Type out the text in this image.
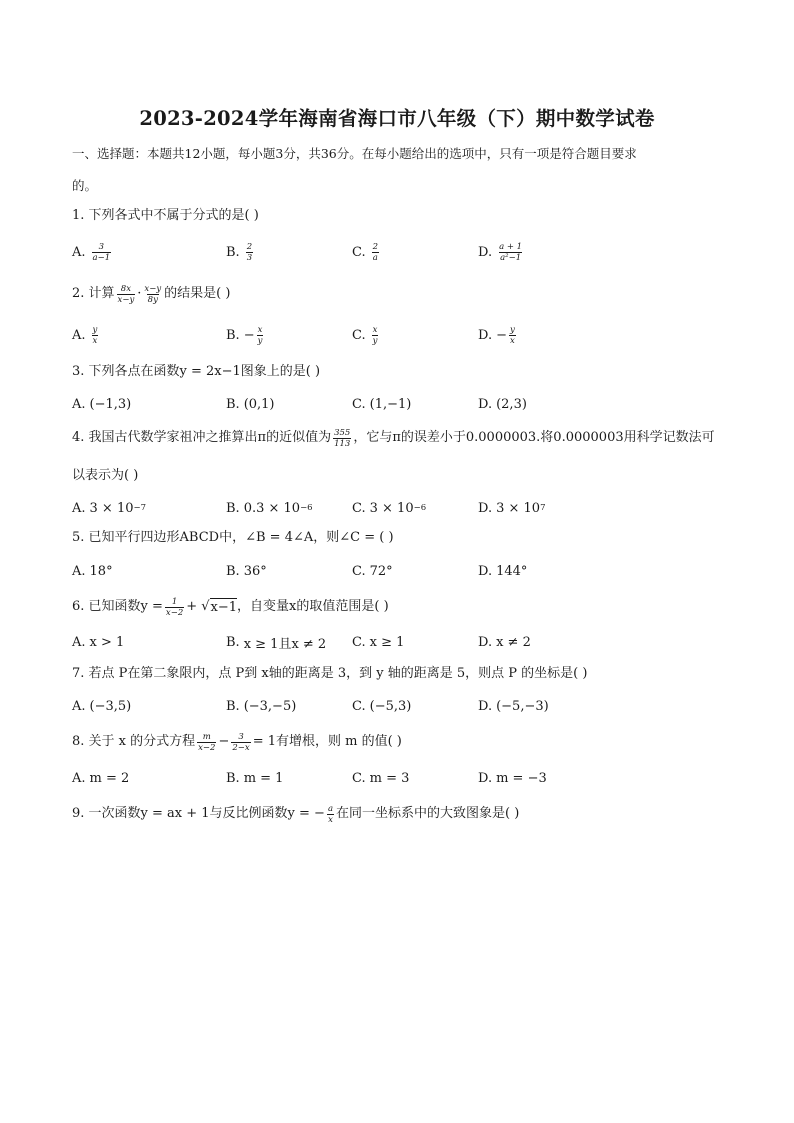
2023-2024学年海南省海口市八年级（下）期中数学试卷
一、选择题：本题共12小题，每小题3分，共36分。在每小题给出的选项中，只有一项是符合题目要求
的。
1. 下列各式中不属于分式的是( )
A. $\frac{3}{a-1}$	B. $\frac{2}{3}$	C. $\frac{2}{a}$	D. $\frac{a + 1}{\text{a²−1}}$
2. 计算 $\frac{8x}{x-y} \cdot \frac{x-y}{8y}$ 的结果是( )
A. $\frac{y}{x}$	B. − $\frac{x}{y}$	C. $\frac{x}{y}$	D. − $\frac{y}{x}$
3. 下列各点在函数y = 2x−1图象上的是( )
A. (−1,3)	B. (0,1)	C. (1,−1)	D. (2,3)
4. 我国古代数学家祖冲之推算出π的近似值为 $\frac{355}{113}$ ，它与π的误差小于0.0000003.将0.0000003用科学记数法可
以表示为( )
A. 3 × 10 −7	B. 0.3 × 10 −6	C. 3 × 10 −6	D. 3 × 10 7
5. 已知平行四边形ABCD中，∠B = 4∠A，则∠C = ( )
A. 18°	B. 36°	C. 72°	D. 144°
6. 已知函数$y = \frac{1}{x-2}$ + √ x−1 ，自变量x的取值范围是( )
A. x > 1	B. x ≥ 1且x ≠ 2 C. x ≥ 1	D. x ≠ 2
7. 若点 P在第二象限内，点 P到 x轴的距离是 3，到 y 轴的距离是 5，则点 P 的坐标是( )
A. (−3,5)	B. (−3,−5)	C. (−5,3)	D. (−5,−3)
8. 关于 x 的分式方程 $\frac{m}{x-2} - \frac{3}{2-x} = 1$有增根，则 m 的值( )
A. m = 2	B. m = 1	C. m = 3	D. m = −3
9. 一次函数y = ax + 1与反比例函数y = − $\frac{a}{x}$ 在同一坐标系中的大致图象是( )
